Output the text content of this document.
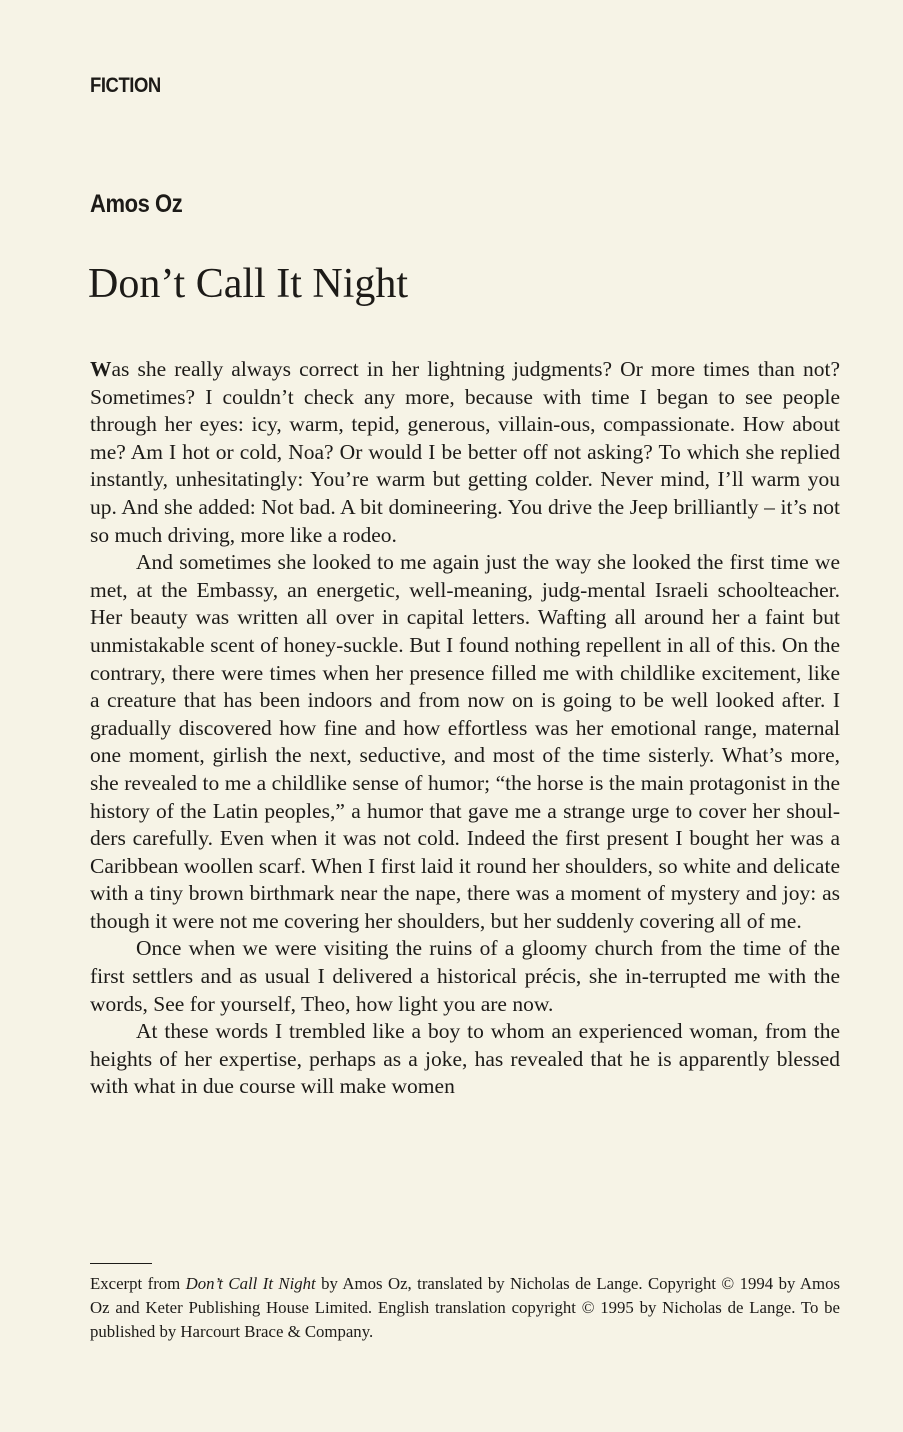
FICTION
Amos Oz
Don’t Call It Night

Was she really always correct in her lightning judgments? Or more times than not? Sometimes? I couldn’t check any more, because with time I began to see people through her eyes: icy, warm, tepid, generous, villain-ous, compassionate. How about me? Am I hot or cold, Noa? Or would I be better off not asking? To which she replied instantly, unhesitatingly: You’re warm but getting colder. Never mind, I’ll warm you up. And she added: Not bad. A bit domineering. You drive the Jeep brilliantly – it’s not so much driving, more like a rodeo.

And sometimes she looked to me again just the way she looked the first time we met, at the Embassy, an energetic, well-meaning, judg-mental Israeli schoolteacher. Her beauty was written all over in capital letters. Wafting all around her a faint but unmistakable scent of honey-suckle. But I found nothing repellent in all of this. On the contrary, there were times when her presence filled me with childlike excitement, like a creature that has been indoors and from now on is going to be well looked after. I gradually discovered how fine and how effortless was her emotional range, maternal one moment, girlish the next, seductive, and most of the time sisterly. What’s more, she revealed to me a childlike sense of humor; “the horse is the main protagonist in the history of the Latin peoples,” a humor that gave me a strange urge to cover her shoul-ders carefully. Even when it was not cold. Indeed the first present I bought her was a Caribbean woollen scarf. When I first laid it round her shoulders, so white and delicate with a tiny brown birthmark near the nape, there was a moment of mystery and joy: as though it were not me covering her shoulders, but her suddenly covering all of me.

Once when we were visiting the ruins of a gloomy church from the time of the first settlers and as usual I delivered a historical précis, she in-terrupted me with the words, See for yourself, Theo, how light you are now.

At these words I trembled like a boy to whom an experienced woman, from the heights of her expertise, perhaps as a joke, has revealed that he is apparently blessed with what in due course will make women

Excerpt from Don’t Call It Night by Amos Oz, translated by Nicholas de Lange. Copyright © 1994 by Amos Oz and Keter Publishing House Limited. English translation copyright © 1995 by Nicholas de Lange. To be published by Harcourt Brace & Company.
